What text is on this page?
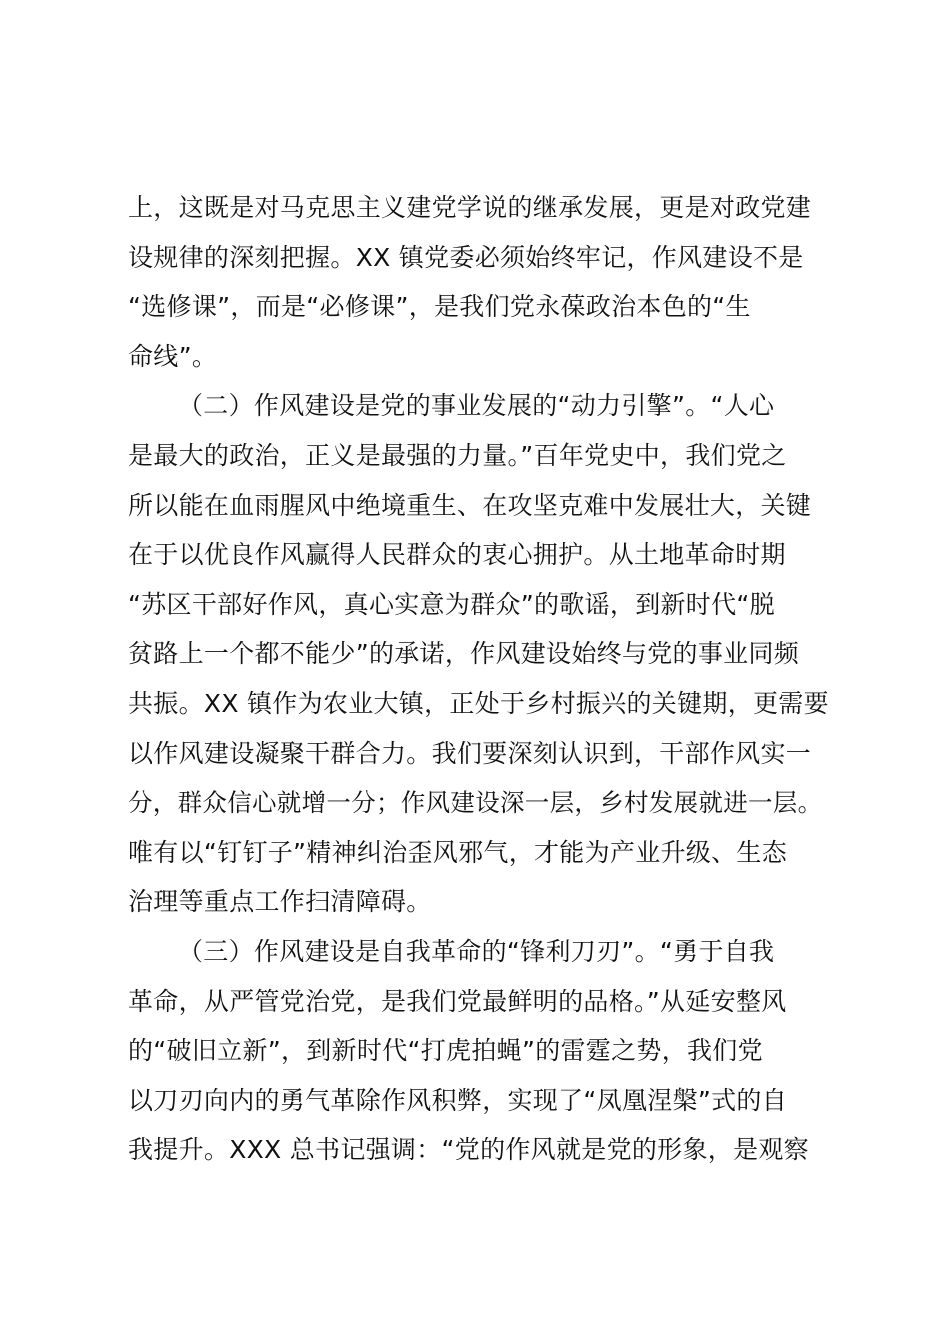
上，这既是对马克思主义建党学说的继承发展，更是对政党建
设规律的深刻把握。XX 镇党委必须始终牢记，作风建设不是
“选修课”，而是“必修课”，是我们党永葆政治本色的“生
命线”。
（二）作风建设是党的事业发展的“动力引擎”。“人心
是最大的政治，正义是最强的力量。”百年党史中，我们党之
所以能在血雨腥风中绝境重生、在攻坚克难中发展壮大，关键
在于以优良作风赢得人民群众的衷心拥护。从土地革命时期
“苏区干部好作风，真心实意为群众”的歌谣，到新时代“脱
贫路上一个都不能少”的承诺，作风建设始终与党的事业同频
共振。XX 镇作为农业大镇，正处于乡村振兴的关键期，更需要
以作风建设凝聚干群合力。我们要深刻认识到，干部作风实一
分，群众信心就增一分；作风建设深一层，乡村发展就进一层。
唯有以“钉钉子”精神纠治歪风邪气，才能为产业升级、生态
治理等重点工作扫清障碍。
（三）作风建设是自我革命的“锋利刀刃”。“勇于自我
革命，从严管党治党，是我们党最鲜明的品格。”从延安整风
的“破旧立新”，到新时代“打虎拍蝇”的雷霆之势，我们党
以刀刃向内的勇气革除作风积弊，实现了“凤凰涅槃”式的自
我提升。XXX 总书记强调：“党的作风就是党的形象，是观察
